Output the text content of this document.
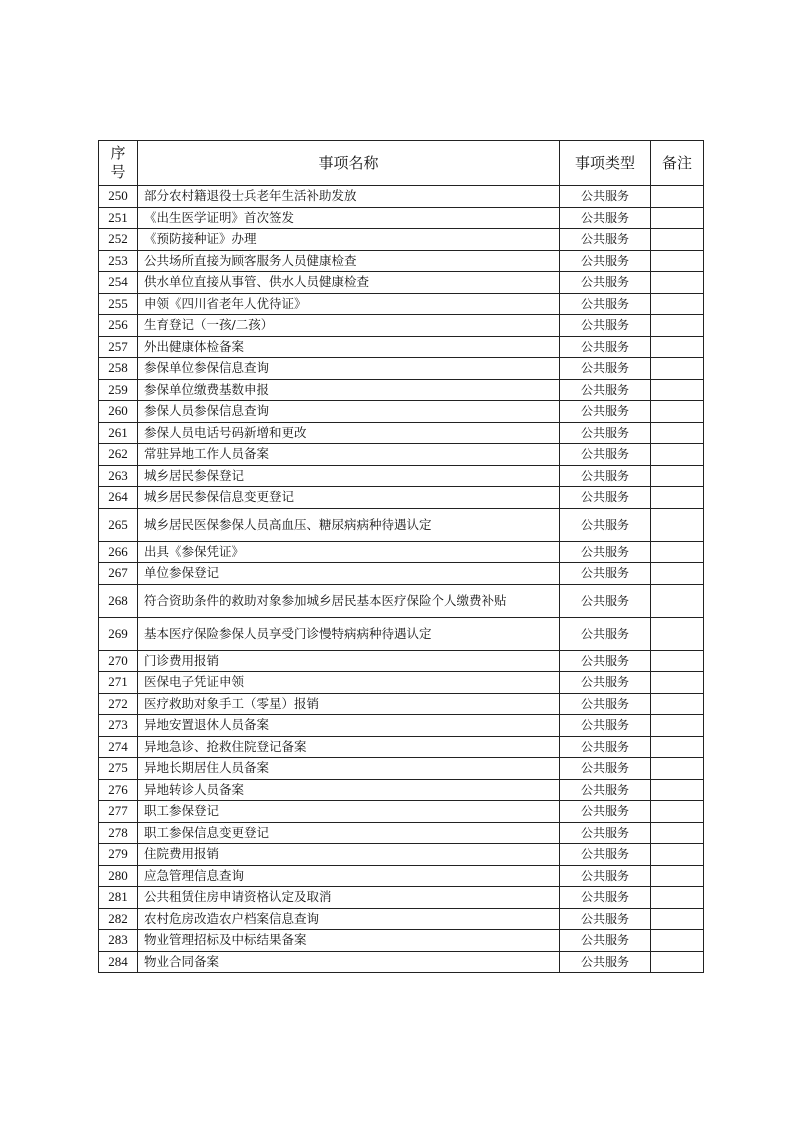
序
号	事项名称	事项类型	备注
250	部分农村籍退役士兵老年生活补助发放	公共服务	
251	《出生医学证明》首次签发	公共服务	
252	《预防接种证》办理	公共服务	
253	公共场所直接为顾客服务人员健康检查	公共服务	
254	供水单位直接从事管、供水人员健康检查	公共服务	
255	申领《四川省老年人优待证》	公共服务	
256	生育登记（一孩/二孩）	公共服务	
257	外出健康体检备案	公共服务	
258	参保单位参保信息查询	公共服务	
259	参保单位缴费基数申报	公共服务	
260	参保人员参保信息查询	公共服务	
261	参保人员电话号码新增和更改	公共服务	
262	常驻异地工作人员备案	公共服务	
263	城乡居民参保登记	公共服务	
264	城乡居民参保信息变更登记	公共服务	
265	城乡居民医保参保人员高血压、糖尿病病种待遇认定	公共服务	
266	出具《参保凭证》	公共服务	
267	单位参保登记	公共服务	
268	符合资助条件的救助对象参加城乡居民基本医疗保险个人缴费补贴	公共服务	
269	基本医疗保险参保人员享受门诊慢特病病种待遇认定	公共服务	
270	门诊费用报销	公共服务	
271	医保电子凭证申领	公共服务	
272	医疗救助对象手工（零星）报销	公共服务	
273	异地安置退休人员备案	公共服务	
274	异地急诊、抢救住院登记备案	公共服务	
275	异地长期居住人员备案	公共服务	
276	异地转诊人员备案	公共服务	
277	职工参保登记	公共服务	
278	职工参保信息变更登记	公共服务	
279	住院费用报销	公共服务	
280	应急管理信息查询	公共服务	
281	公共租赁住房申请资格认定及取消	公共服务	
282	农村危房改造农户档案信息查询	公共服务	
283	物业管理招标及中标结果备案	公共服务	
284	物业合同备案	公共服务	
